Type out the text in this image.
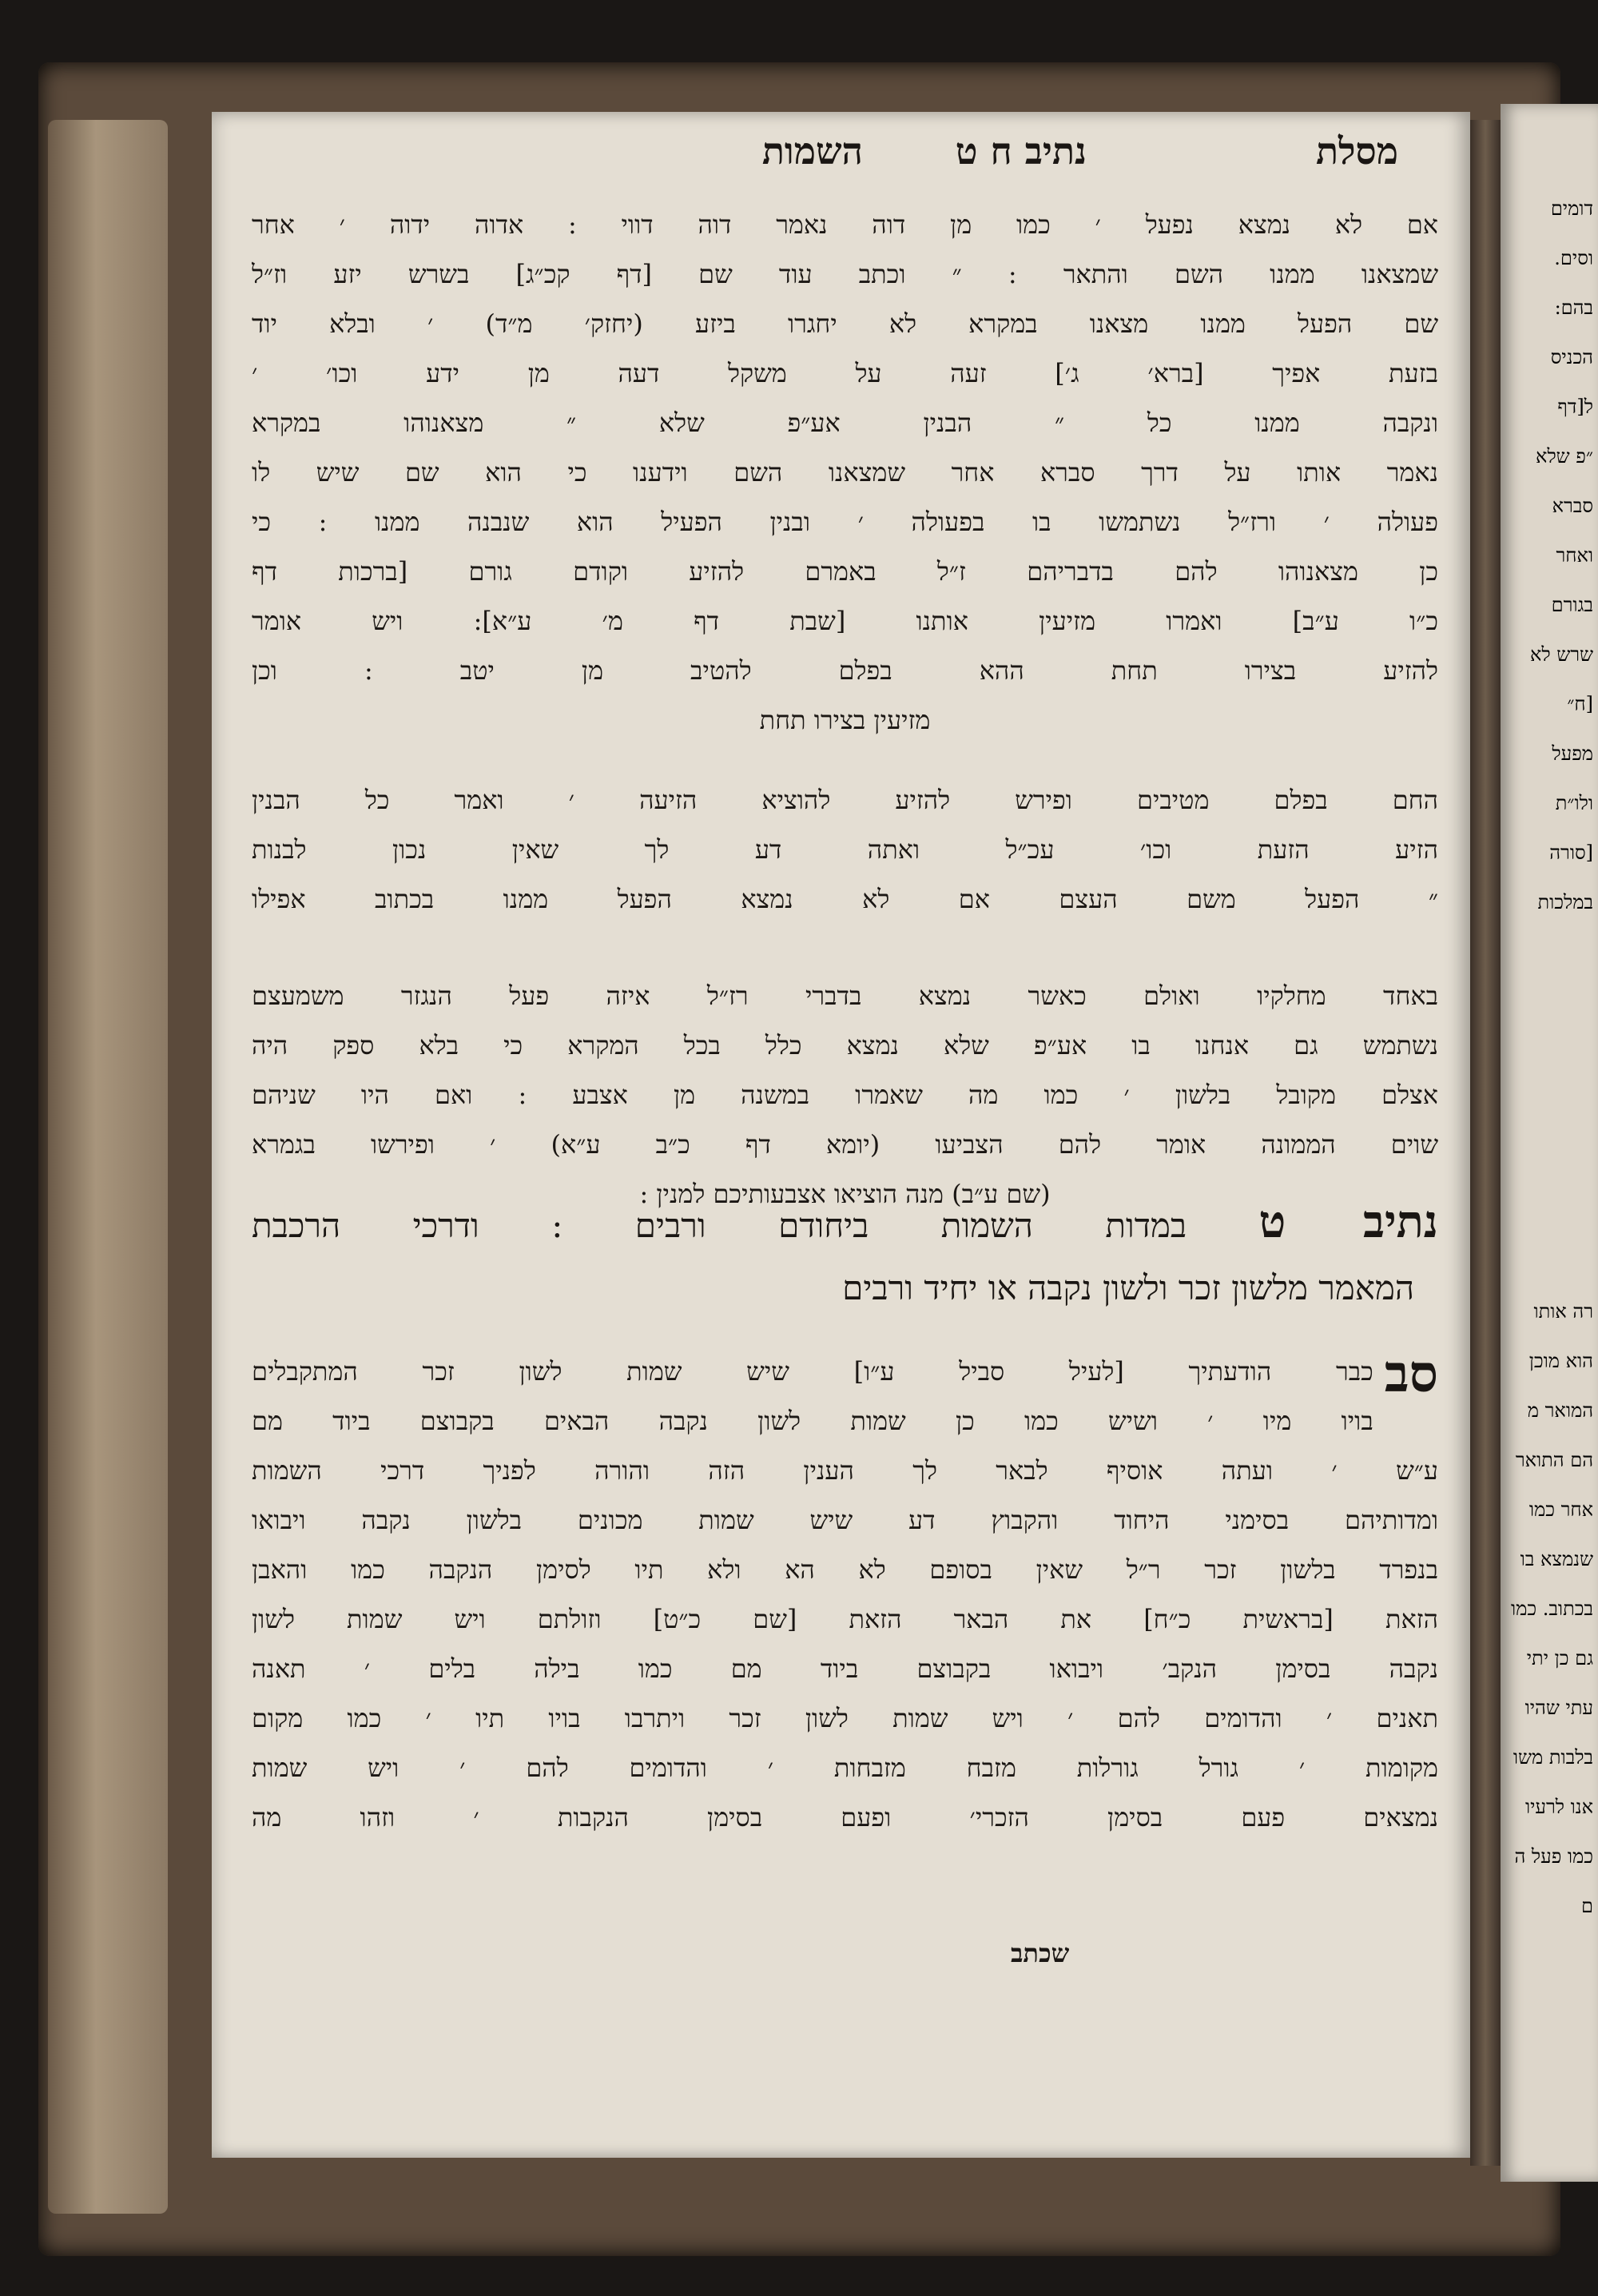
מסלת
נתיב ח ט
השמות
אם לא נמצא נפעל ׳ כמו מן דוה נאמר דוה דווי : אדוה ידוה ׳ אחר
שמצאנו ממנו השם והתאר : ״ וכתב עוד שם [דף קכ״ג] בשרש יזע וז״ל
שם הפעל ממנו מצאנו במקרא לא יחגרו ביזע (יחזק׳ מ״ד) ׳ ובלא יוד
בזעת אפיך [ברא׳ ג׳] זעה על משקל דעה מן ידע וכו׳ ׳
ונקבה ממנו כל ״ הבנין אע״פ שלא ״ מצאנוהו במקרא
נאמר אותו על דרך סברא אחר שמצאנו השם וידענו כי הוא שם שיש לו
פעולה ׳ ורז״ל נשתמשו בו בפעולה ׳ ובנין הפעיל הוא שנבנה ממנו : כי
כן מצאנוהו להם בדבריהם ז״ל באמרם להזיע וקודם גורם [ברכות דף
כ״ו ע״ב] ואמרו מזיעין אותנו [שבת דף מ׳ ע״א]: ויש אומר
להזיע בצירו תחת ההא בפלם להטיב מן יטב : וכן
מזיעין בצירו תחת
החם בפלם מטיבים ופירש להזיע להוציא הזיעה ׳ ואמר כל הבנין
הזיע הזעת וכו׳ עכ״ל ואתה דע לך שאין נכון לבנות
״ הפעל משם העצם אם לא נמצא הפעל ממנו בכתוב אפילו
באחד מחלקיו ואולם כאשר נמצא בדברי רז״ל איזה פעל הנגזר משמעצם
נשתמש גם אנחנו בו אע״פ שלא נמצא כלל בכל המקרא כי בלא ספק היה
אצלם מקובל בלשון ׳ כמו מה שאמרו במשנה מן אצבע : ואם היו שניהם
שוים הממונה אומר להם הצביעו (יומא דף כ״ב ע״א) ׳ ופירשו בגמרא
(שם ע״ב) מנה הוציאו אצבעותיכם למנין :
נתיב ט במדות השמות ביחודם ורבים : ודרכי הרכבת
המאמר מלשון זכר ולשון נקבה או יחיד ורבים
סב
כבר הודעתיך [לעיל סביל ע״ו] שיש שמות לשון זכר המתקבלים
בויו מיו ׳ ושיש כמו כן שמות לשון נקבה הבאים בקבוצם ביוד מם
ע״ש ׳ ועתה אוסיף לבאר לך הענין הזה והורה לפניך דרכי השמות
ומדותיהם בסימני היחוד והקבוץ דע שיש שמות מכונים בלשון נקבה ויבואו
בנפרד בלשון זכר ר״ל שאין בסופם לא הא ולא תיו לסימן הנקבה כמו והאבן
הזאת [בראשית כ״ח] את הבאר הזאת [שם כ״ט] וזולתם ויש שמות לשון
נקבה בסימן הנקב׳ ויבואו בקבוצם ביוד מם כמו בילה בלים ׳ תאנה
תאנים ׳ והדומים להם ׳ ויש שמות לשון זכר ויתרבו בויו תיו ׳ כמו מקום
מקומות ׳ גורל גורלות מזבח מזבחות ׳ והדומים להם ׳ ויש שמות
נמצאים פעם בסימן הזכרי׳ ופעם בסימן הנקבות ׳ וזהו מה
שכתב
דומים
וסים.
בהם:
הכניס
ל[דף
״פ שלא
סברא
ואחר
בגורם
שרש לא
[ח״
מפעל
ולו״ת
[סורה
במלכות
רה אותו
הוא מוכן
המואר מ
הם התואר
אחר כמו
שנמצא בו
בכתוב. כמו
גם כן יתי
עתי שהיו
בלבות משו
אנו לרעיו
כמו פעל ה
ם
